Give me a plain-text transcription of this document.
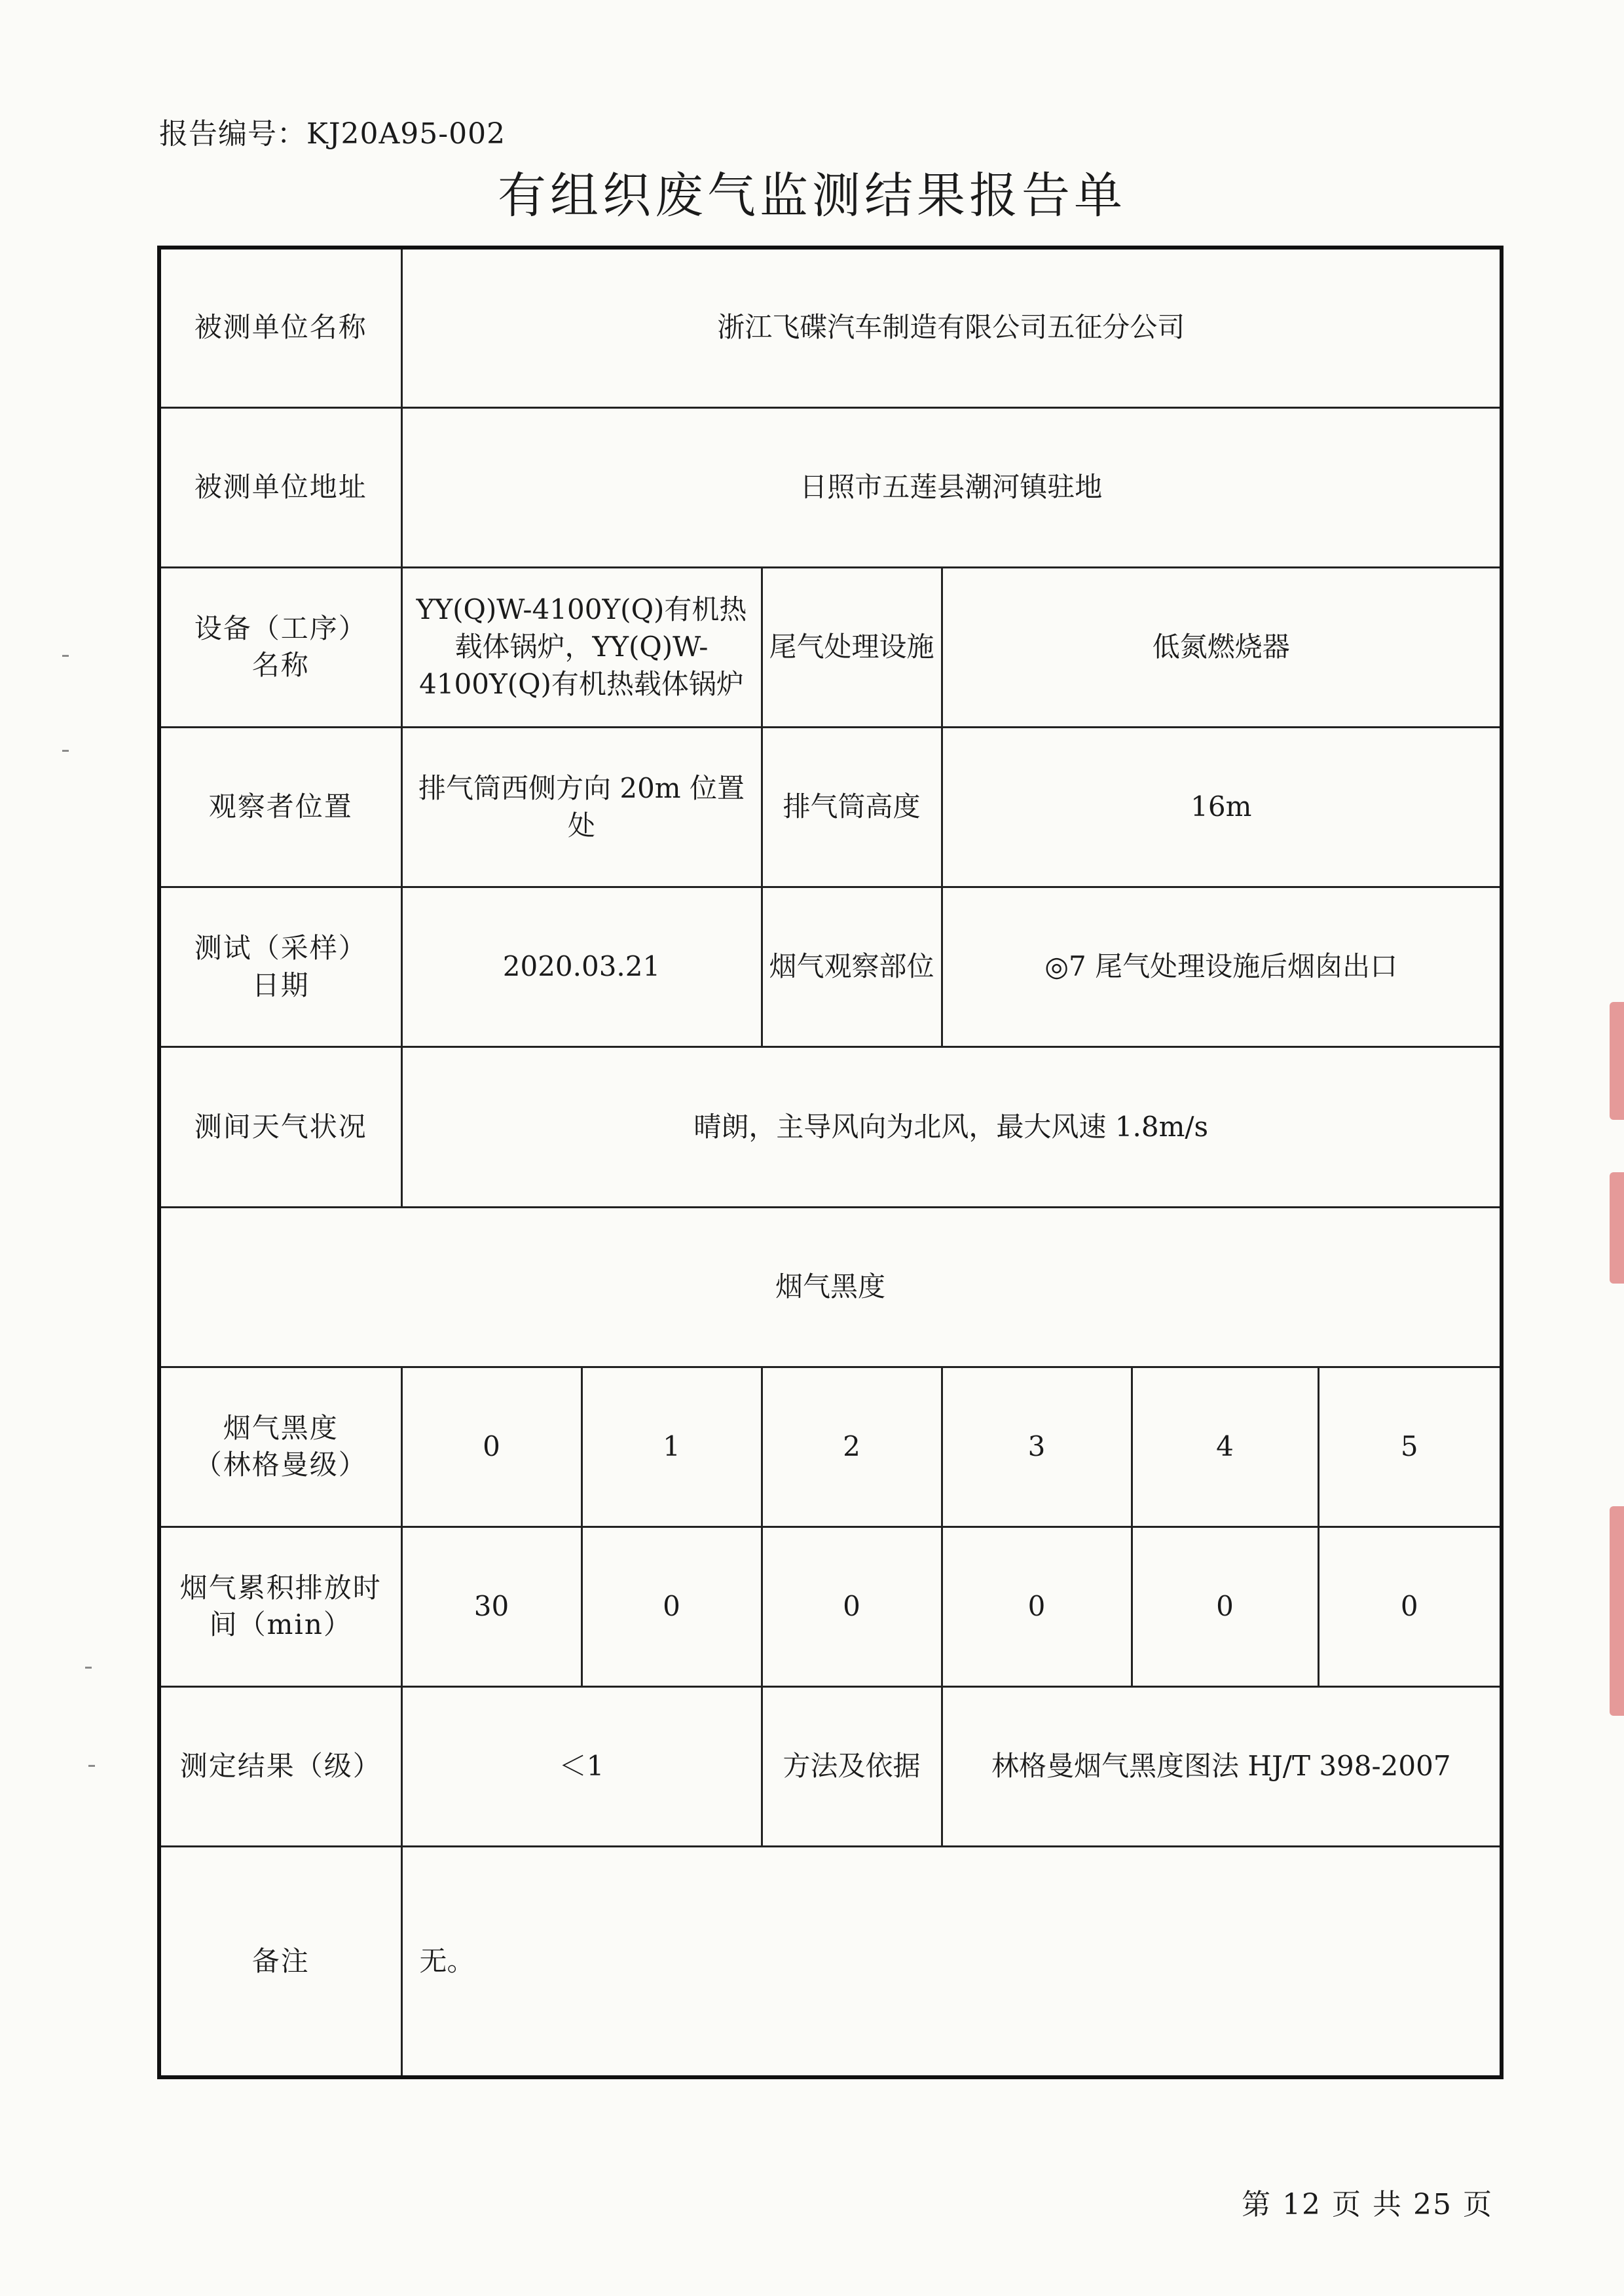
报告编号：KJ20A95-002
有组织废气监测结果报告单
被测单位名称	浙江飞碟汽车制造有限公司五征分公司					
被测单位地址	日照市五莲县潮河镇驻地					

设备（工序）
名称	YY(Q)W-4100Y(Q)有机热载体锅炉，YY(Q)W-4100Y(Q)有机热载体锅炉		尾气处理设施	低氮燃烧器		
观察者位置	排气筒西侧方向 20m 位置处		排气筒高度	16m		

测试（采样）
日期	2020.03.21		烟气观察部位	◎7 尾气处理设施后烟囱出口		
测间天气状况	晴朗，主导风向为北风，最大风速 1.8m/s					
烟气黑度						

烟气黑度
（林格曼级）	0	1	2	3	4	5

烟气累积排放时
间（min）	30	0	0	0	0	0
测定结果（级）	＜1		方法及依据	林格曼烟气黑度图法 HJ/T 398-2007		
备注	无。					
第 12 页 共 25 页
